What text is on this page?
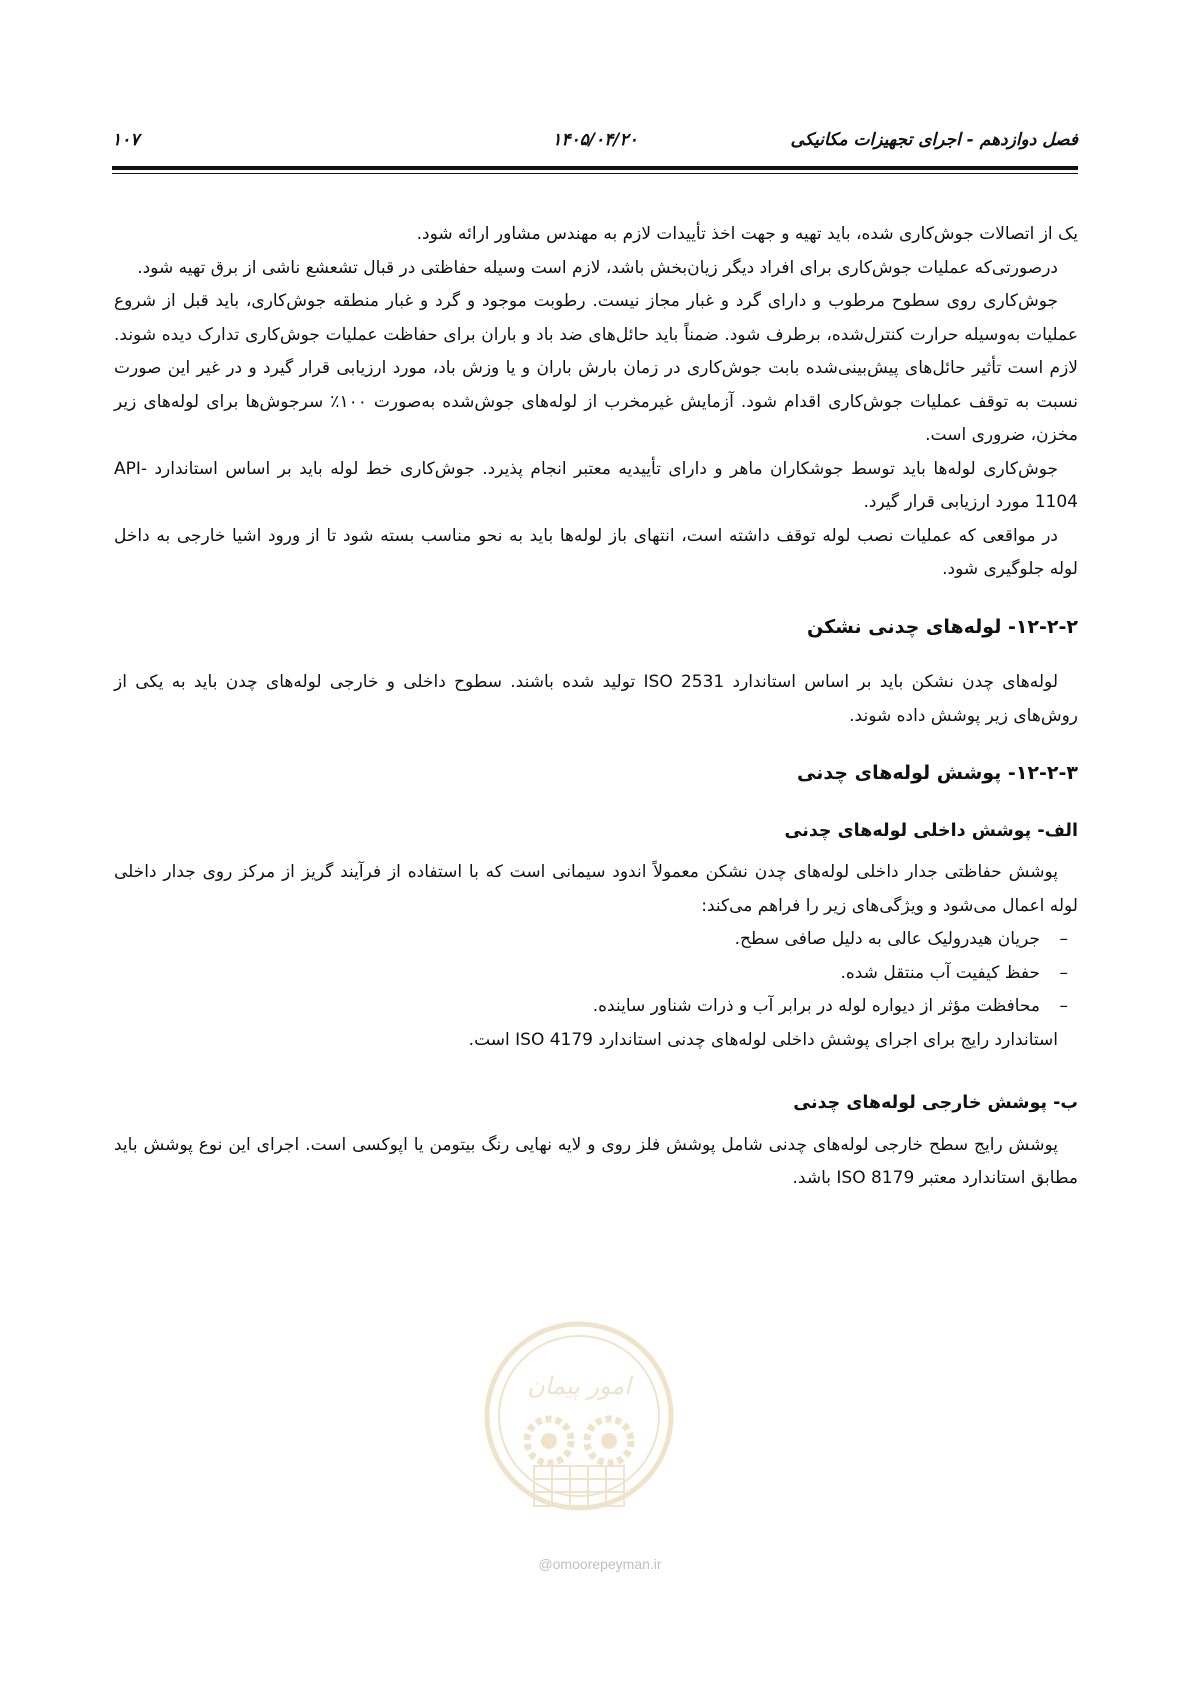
فصل دوازدهم - اجرای تجهیزات مکانیکی
۱۴۰۵/۰۴/۲۰
۱۰۷

یک از اتصالات جوش‌کاری شده، باید تهیه و جهت اخذ تأییدات لازم به مهندس مشاور ارائه شود.

درصورتی‌که عملیات جوش‌کاری برای افراد دیگر زیان‌بخش باشد، لازم است وسیله حفاظتی در قبال تشعشع ناشی از برق تهیه شود.

جوش‌کاری روی سطوح مرطوب و دارای گرد و غبار مجاز نیست. رطوبت موجود و گرد و غبار منطقه جوش‌کاری، باید قبل از شروع عملیات به‌وسیله حرارت کنترل‌شده، برطرف شود. ضمناً باید حائل‌های ضد باد و باران برای حفاظت عملیات جوش‌کاری تدارک دیده شوند. لازم است تأثیر حائل‌های پیش‌بینی‌شده بابت جوش‌کاری در زمان بارش باران و یا وزش باد، مورد ارزیابی قرار گیرد و در غیر این صورت نسبت به توقف عملیات جوش‌کاری اقدام شود. آزمایش غیرمخرب از لوله‌های جوش‌شده به‌صورت ۱۰۰٪ سرجوش‌ها برای لوله‌های زیر مخزن، ضروری است.

جوش‌کاری لوله‌ها باید توسط جوشکاران ماهر و دارای تأییدیه معتبر انجام پذیرد. جوش‌کاری خط لوله باید بر اساس استاندارد API-1104 مورد ارزیابی قرار گیرد.

در مواقعی که عملیات نصب لوله توقف داشته است، انتهای باز لوله‌ها باید به نحو مناسب بسته شود تا از ورود اشیا خارجی به داخل لوله جلوگیری شود.

۱۲-۲-۲- لوله‌های چدنی نشکن

لوله‌های چدن نشکن باید بر اساس استاندارد ISO 2531 تولید شده باشند. سطوح داخلی و خارجی لوله‌های چدن باید به یکی از روش‌های زیر پوشش داده شوند.

۱۲-۲-۳- پوشش لوله‌های چدنی

الف- پوشش داخلی لوله‌های چدنی

پوشش حفاظتی جدار داخلی لوله‌های چدن نشکن معمولاً اندود سیمانی است که با استفاده از فرآیند گریز از مرکز روی جدار داخلی لوله اعمال می‌شود و ویژگی‌های زیر را فراهم می‌کند:

–
جریان هیدرولیک عالی به دلیل صافی سطح.
–
حفظ کیفیت آب منتقل شده.
–
محافظت مؤثر از دیواره لوله در برابر آب و ذرات شناور ساینده.

استاندارد رایج برای اجرای پوشش داخلی لوله‌های چدنی استاندارد ISO 4179 است.

ب- پوشش خارجی لوله‌های چدنی

پوشش رایج سطح خارجی لوله‌های چدنی شامل پوشش فلز روی و لایه نهایی رنگ بیتومن یا اپوکسی است. اجرای این نوع پوشش باید مطابق استاندارد معتبر ISO 8179 باشد.

امور پیمان
@omoorepeyman.ir
